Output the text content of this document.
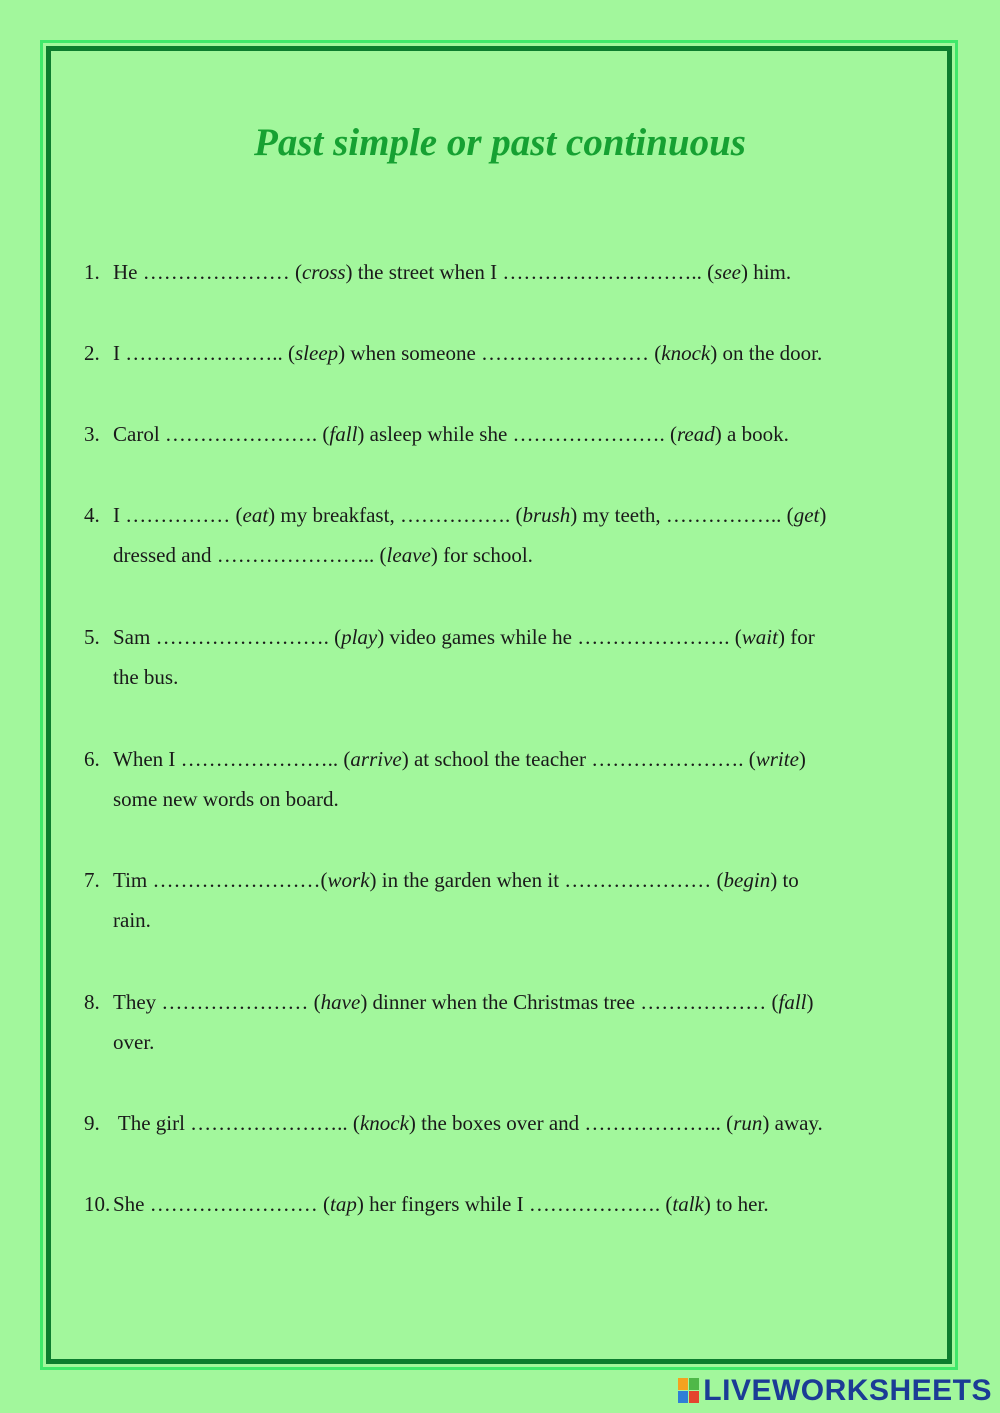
Past simple or past continuous
1. He ………………… (cross) the street when I ……………………….. (see) him.
2. I ………………….. (sleep) when someone …………………… (knock) on the door.
3. Carol …………………. (fall) asleep while she …………………. (read) a book.
4. I …………… (eat) my breakfast, ……………. (brush) my teeth, …………….. (get)
dressed and ………………….. (leave) for school.
5. Sam ……………………. (play) video games while he …………………. (wait) for
the bus.
6. When I ………………….. (arrive) at school the teacher …………………. (write)
some new words on board.
7. Tim ……………………(work) in the garden when it ………………… (begin) to
rain.
8. They ………………… (have) dinner when the Christmas tree ……………… (fall)
over.
9. The girl ………………….. (knock) the boxes over and ……………….. (run) away.
10. She …………………… (tap) her fingers while I ………………. (talk) to her.
LIVEWORKSHEETS
